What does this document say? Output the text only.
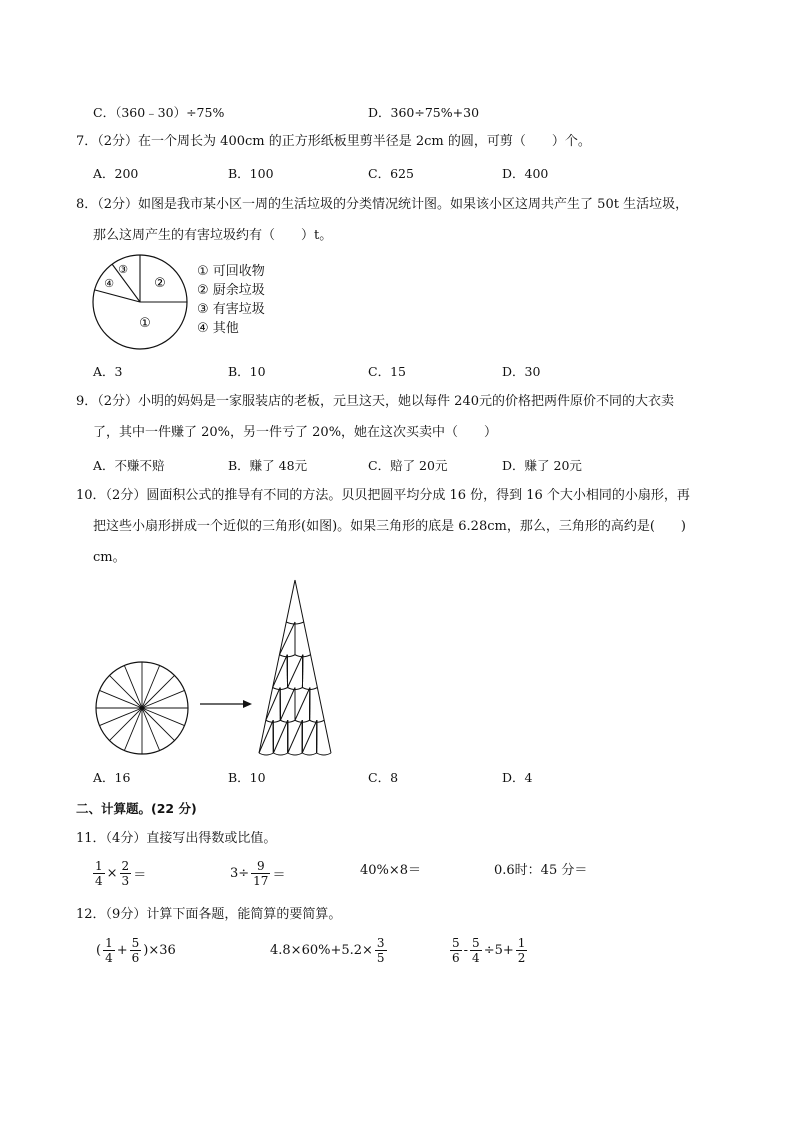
C．（360﹣30）÷75%	D．360÷75%+30
7．（2分）在一个周长为 400cm 的正方形纸板里剪半径是 2cm 的圆，可剪（　　）个。
A．200	B．100	C．625	D．400
8．（2分）如图是我市某小区一周的生活垃圾的分类情况统计图。如果该小区这周共产生了 50t 生活垃圾，
那么这周产生的有害垃圾约有（　　）t。
②
③
④
①
① 可回收物
② 厨余垃圾
③ 有害垃圾
④ 其他
A．3	B．10	C．15	D．30
9．（2分）小明的妈妈是一家服装店的老板，元旦这天，她以每件 240元的价格把两件原价不同的大衣卖
了，其中一件赚了 20%，另一件亏了 20%，她在这次买卖中（　　）
A．不赚不赔	B．赚了 48元	C．赔了 20元	D．赚了 20元
10．（2分）圆面积公式的推导有不同的方法。贝贝把圆平均分成 16 份，得到 16 个大小相同的小扇形，再
把这些小扇形拼成一个近似的三角形(如图)。如果三角形的底是 6.28cm，那么，三角形的高约是(　　)
cm。
A．16	B．10	C．8	D．4
二、计算题。(22 分)
11．（4分）直接写出得数或比值。
$\frac{1}{4} \times \frac{2}{3}$ ＝	$3\div \frac{9}{17}$ ＝	40%×8＝	0.6时：45 分＝
12．（9分）计算下面各题，能简算的要简算。
( $\frac{1}{4} + \frac{5}{6} )\times 36$	$4.8\times 60\%+5.2\times \frac{3}{5}$	$\frac{5}{6} - \frac{5}{4} \div 5+ \frac{1}{2}$
